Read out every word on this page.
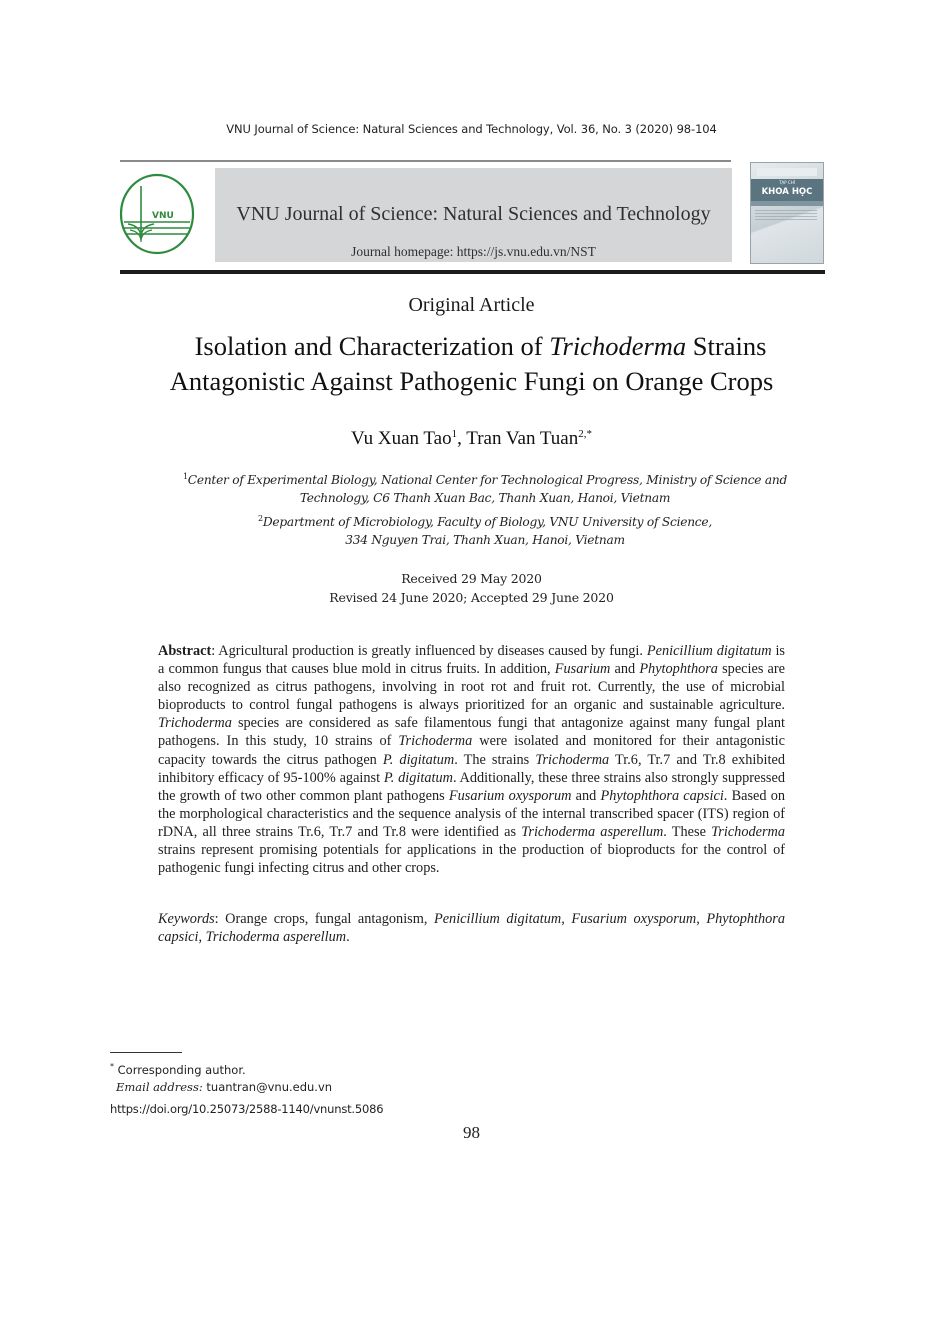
VNU Journal of Science: Natural Sciences and Technology, Vol. 36, No. 3 (2020) 98-104
VNU	VNU Journal of Science: Natural Sciences and Technology
Journal homepage: https://js.vnu.edu.vn/NST
TẠP CHÍ
KHOA HỌC
Original Article
Isolation and Characterization of Trichoderma Strains
Antagonistic Against Pathogenic Fungi on Orange Crops
Vu Xuan Tao$^1$, Tran Van Tuan$^{2,*}$
$^1$Center of Experimental Biology, National Center for Technological Progress, Ministry of Science and
Technology, C6 Thanh Xuan Bac, Thanh Xuan, Hanoi, Vietnam
$^2$Department of Microbiology, Faculty of Biology, VNU University of Science,
334 Nguyen Trai, Thanh Xuan, Hanoi, Vietnam
Received 29 May 2020
Revised 24 June 2020; Accepted 29 June 2020
Abstract: Agricultural production is greatly influenced by diseases caused by fungi. Penicillium digitatum is a common fungus that causes blue mold in citrus fruits. In addition, Fusarium and Phytophthora species are also recognized as citrus pathogens, involving in root rot and fruit rot. Currently, the use of microbial bioproducts to control fungal pathogens is always prioritized for an organic and sustainable agriculture. Trichoderma species are considered as safe filamentous fungi that antagonize against many fungal plant pathogens. In this study, 10 strains of Trichoderma were isolated and monitored for their antagonistic capacity towards the citrus pathogen P. digitatum. The strains Trichoderma Tr.6, Tr.7 and Tr.8 exhibited inhibitory efficacy of 95-100% against P. digitatum. Additionally, these three strains also strongly suppressed the growth of two other common plant pathogens Fusarium oxysporum and Phytophthora capsici. Based on the morphological characteristics and the sequence analysis of the internal transcribed spacer (ITS) region of rDNA, all three strains Tr.6, Tr.7 and Tr.8 were identified as Trichoderma asperellum. These Trichoderma strains represent promising potentials for applications in the production of bioproducts for the control of pathogenic fungi infecting citrus and other crops.
Keywords: Orange crops, fungal antagonism, Penicillium digitatum, Fusarium oxysporum, Phytophthora capsici, Trichoderma asperellum.
* Corresponding author.
Email address: tuantran@vnu.edu.vn
https://doi.org/10.25073/2588-1140/vnunst.5086
98
